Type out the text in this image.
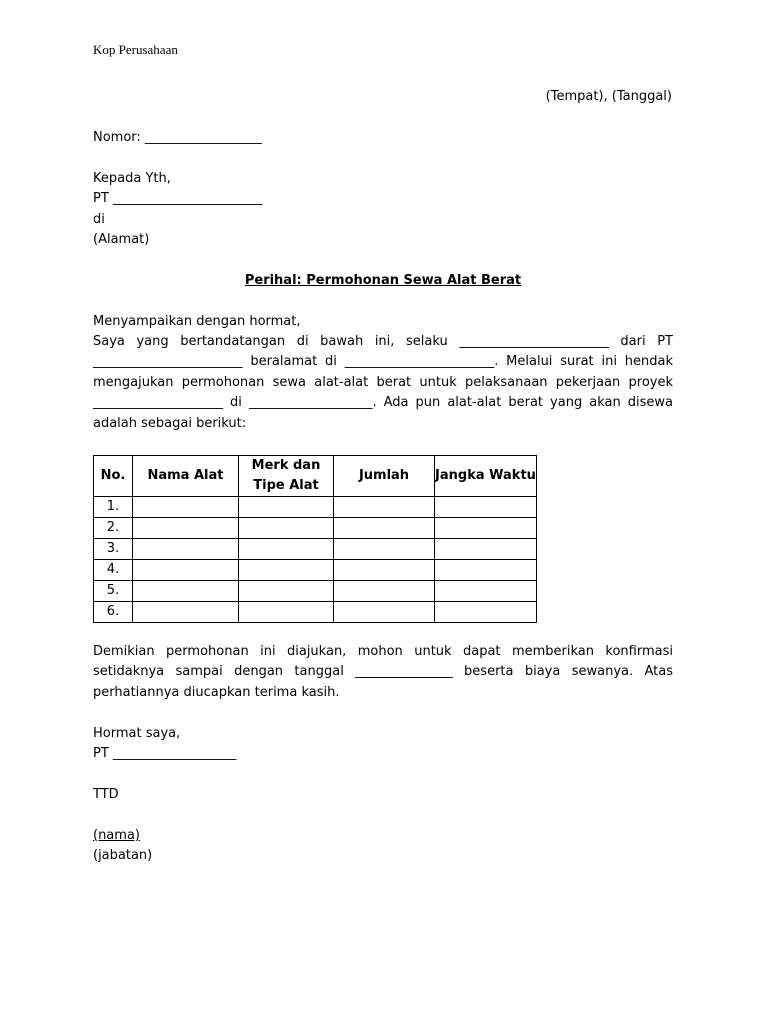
Kop Perusahaan
(Tempat), (Tanggal)
Nomor: __________________
Kepada Yth,
PT _______________________
di
(Alamat)
Perihal: Permohonan Sewa Alat Berat
Menyampaikan dengan hormat,
Saya yang bertandatangan di bawah ini, selaku _______________________ dari PT _______________________ beralamat di _______________________. Melalui surat ini hendak mengajukan permohonan sewa alat-alat berat untuk pelaksanaan pekerjaan proyek ____________________ di ___________________. Ada pun alat-alat berat yang akan disewa adalah sebagai berikut:
No.	Nama Alat	Merk dan Tipe Alat	Jumlah	Jangka Waktu
1.				
2.				
3.				
4.				
5.				
6.				
Demikian permohonan ini diajukan, mohon untuk dapat memberikan konfirmasi setidaknya sampai dengan tanggal _______________ beserta biaya sewanya. Atas perhatiannya diucapkan terima kasih.
Hormat saya,
PT ___________________
TTD
(nama)
(jabatan)
